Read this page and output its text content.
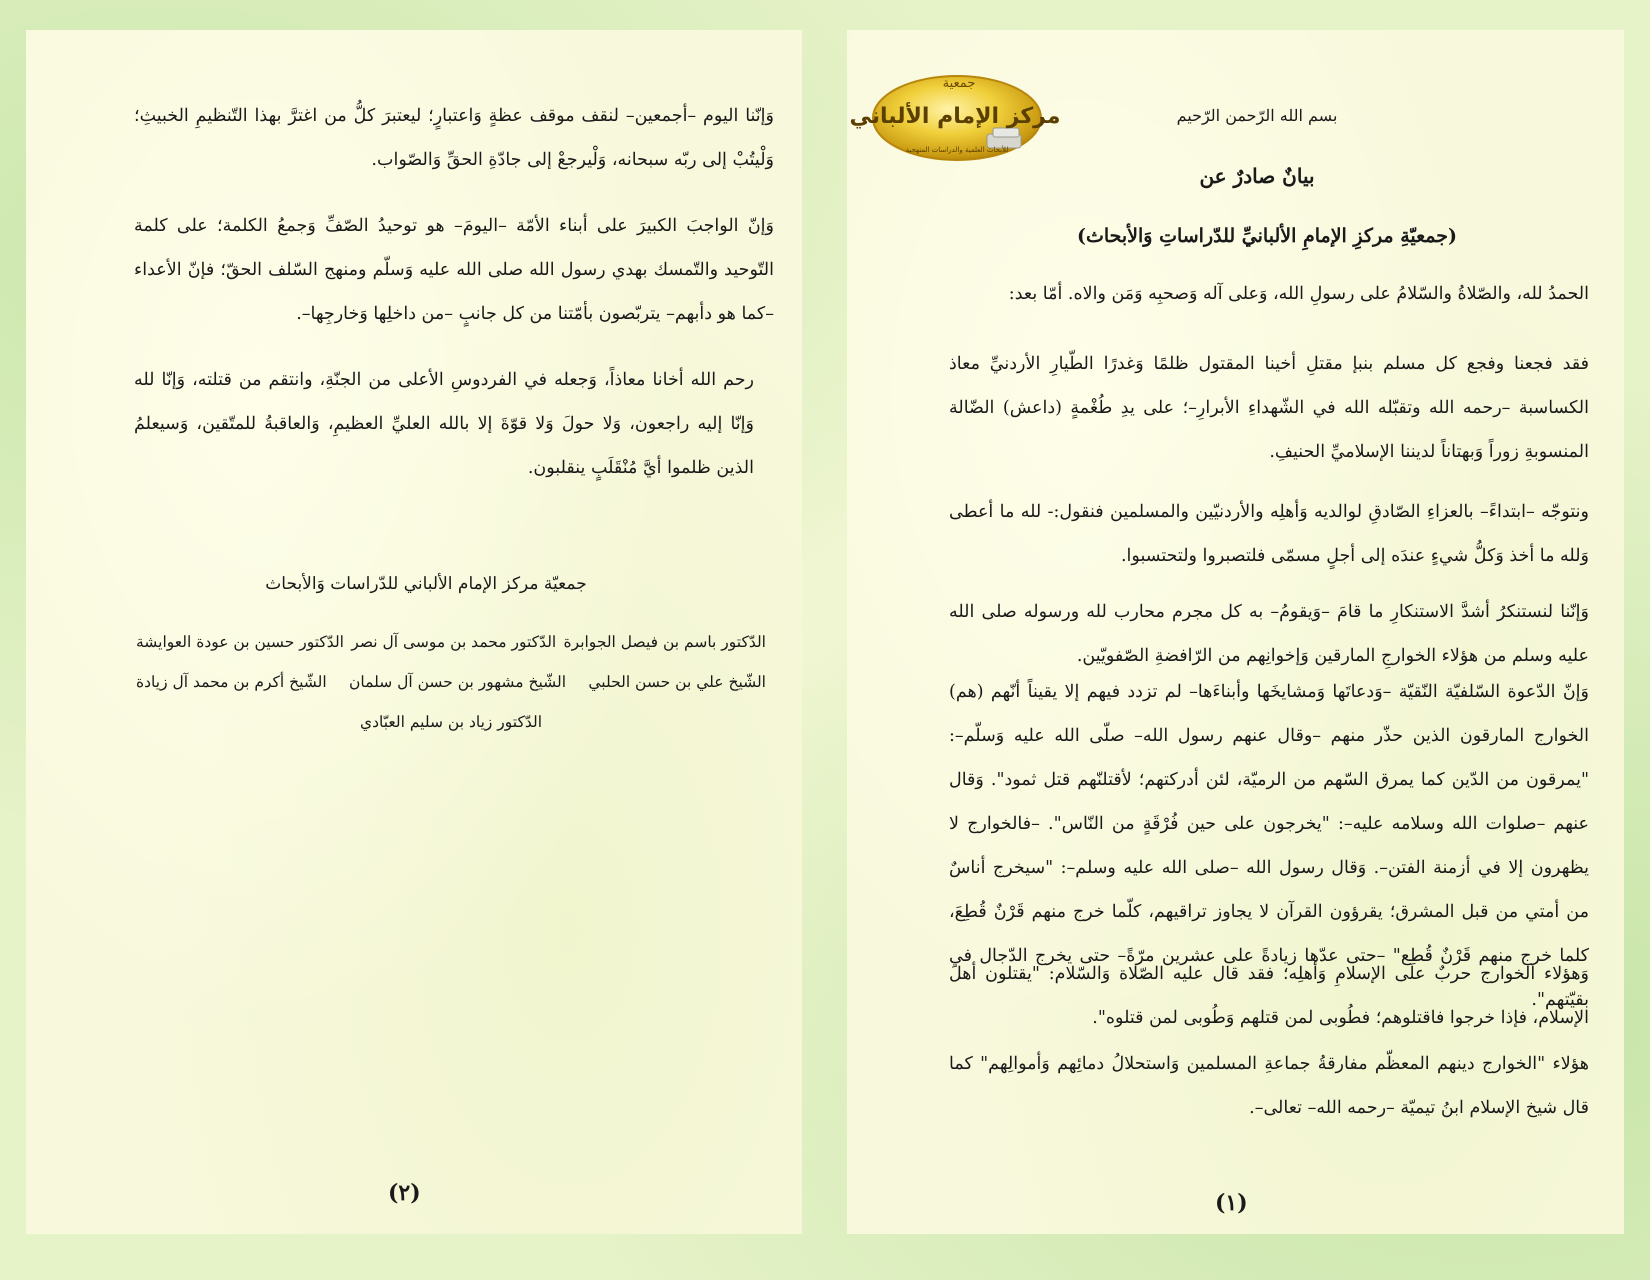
وَإنّنا اليوم –أجمعين– لنقف موقف عظةٍ وَاعتبارٍ؛ ليعتبرَ كلُّ من اغترَّ بهذا التّنظيمِ الخبيثِ؛ وَلْيتُبْ إلى ربّه سبحانه، وَلْيرجعْ إلى جادّةِ الحقِّ وَالصّواب.

وَإنّ الواجبَ الكبيرَ على أبناء الأمّة –اليومَ– هو توحيدُ الصّفِّ وَجمعُ الكلمة؛ على كلمة التّوحيد والتّمسك بهدي رسول الله صلى الله عليه وَسلّم ومنهج السّلف الحقّ؛ فإنّ الأعداء –كما هو دأبهم– يتربّصون بأمّتنا من كل جانبٍ –من داخلِها وَخارجِها–.

رحم الله أخانا معاذاً، وَجعله في الفردوسِ الأعلى من الجنّةِ، وانتقم من قتلته، وَإنّا لله وَإنّا إليه راجعون، وَلا حولَ وَلا قوّةَ إلا بالله العليِّ العظيمِ، وَالعاقبةُ للمتّقين، وَسيعلمُ الذين ظلموا أيَّ مُنْقَلَبٍ ينقلبون.

جمعيّة مركز الإمام الألباني للدّراسات وَالأبحاث
الدّكتور باسم بن فيصل الجوابرة
الدّكتور محمد بن موسى آل نصر
الدّكتور حسين بن عودة العوايشة
الشّيخ علي بن حسن الحلبي
الشّيخ مشهور بن حسن آل سلمان
الشّيخ أكرم بن محمد آل زيادة
الدّكتور زياد بن سليم العبّادي
(٢)
جمعية
مركز الإمام الألباني
للأبحاث العلمية والدراسات المنهجية
بسم الله الرّحمن الرّحيم
بيانٌ صادرٌ عن
(جمعيّةِ مركزِ الإمامِ الألبانيِّ للدّراساتِ وَالأبحاث)

الحمدُ لله، والصّلاةُ والسّلامُ على رسولِ الله، وَعلى آله وَصحبِه وَمَن والاه. أمّا بعد:

فقد فجعنا وفجع كل مسلم بنبإ مقتلِ أخينا المقتول ظلمًا وَغدرًا الطّيارِ الأردنيِّ معاذ الكساسبة –رحمه الله وتقبّله الله في الشّهداءِ الأبرارِ–؛ على يدِ طُغْمةٍ (داعش) الضّالة المنسوبةِ زوراً وَبهتاناً لديننا الإسلاميِّ الحنيفِ.

ونتوجّه –ابتداءً– بالعزاءِ الصّادقِ لوالديه وَأهلِه والأردنيّين والمسلمين فنقول:- لله ما أعطى وَلله ما أخذ وَكلُّ شيءٍ عندَه إلى أجلٍ مسمّى فلتصبروا ولتحتسبوا.

وَإنّنا لنستنكرُ أشدَّ الاستنكارِ ما قامَ –وَيقومُ– به كل مجرم محارب لله ورسوله صلى الله عليه وسلم من هؤلاء الخوارجِ المارقين وَإخوانِهم من الرّافضةِ الصّفويّين.

وَإنّ الدّعوة السّلفيّة النّقيّة –وَدعاتَها وَمشايخَها وأبناءَها– لم تزدد فيهم إلا يقيناً أنّهم (هم) الخوارج المارقون الذين حذّر منهم –وقال عنهم رسول الله– صلّى الله عليه وَسلّم–: "يمرقون من الدّين كما يمرق السّهم من الرميّة، لئن أدركتهم؛ لأقتلنّهم قتل ثمود". وَقال عنهم –صلوات الله وسلامه عليه–: "يخرجون على حين فُرْقَةٍ من النّاس". –فالخوارج لا يظهرون إلا في أزمنة الفتن–. وَقال رسول الله –صلى الله عليه وسلم–: "سيخرج أناسٌ من أمتي من قبل المشرق؛ يقرؤون القرآن لا يجاوز تراقيهم، كلّما خرج منهم قَرْنٌ قُطِعَ، كلما خرج منهم قَرْنٌ قُطِع" –حتى عدّها زيادةً على عشرين مرّةً– حتى يخرج الدّجال في بقيّتهم".

وَهؤلاء الخوارج حربٌ على الإسلامِ وَأهلِه؛ فقد قال عليه الصّلاة وَالسّلام: "يقتلون أهلَ الإسلام، فإذا خرجوا فاقتلوهم؛ فطُوبى لمن قتلهم وَطُوبى لمن قتلوه".

هؤلاء "الخوارج دينهم المعظّم مفارقةُ جماعةِ المسلمين وَاستحلالُ دمائِهم وَأموالِهم" كما قال شيخ الإسلام ابنُ تيميّة –رحمه الله– تعالى–.

(١)
